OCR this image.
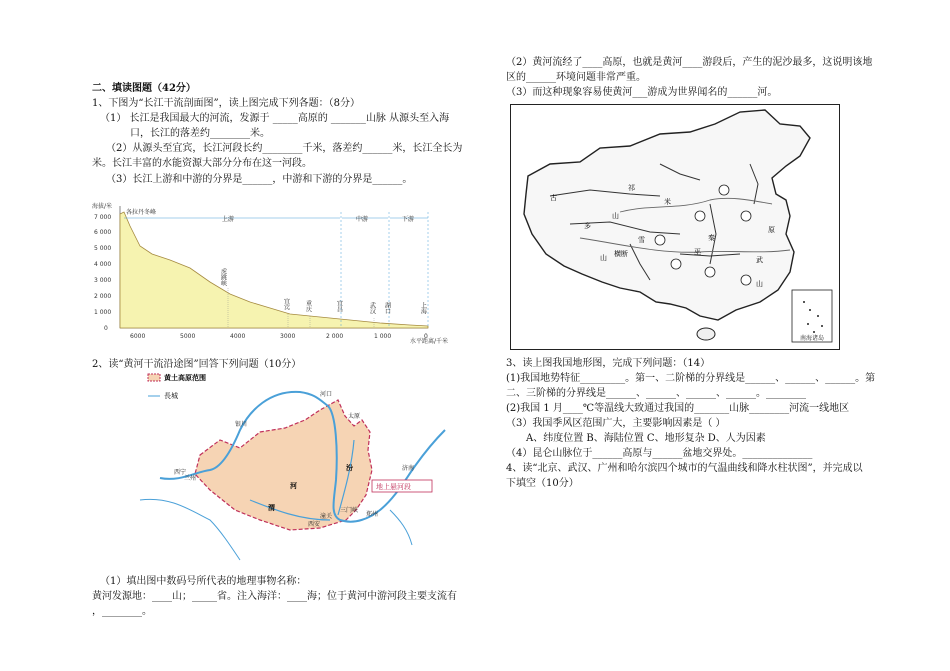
二、填读图题（42分）
1、下图为“长江干流剖面图”，读上图完成下列各题：（8分）
（1） 长江是我国最大的河流，发源于 _____高原的 _______山脉 从源头至入海
口，长江的落差约________米。
（2）从源头至宜宾，长江河段长约________千米，落差约______米，长江全长为
米。长江丰富的水能资源大部分分布在这一河段。
（3）长江上游和中游的分界是______，中游和下游的分界是______。
海拔/米
7 000
6 000
5 000
4 000
3 000
2 000
1 000
0
各拉丹冬峰
上游	中游	下游
虎跳峡
宜宾	重庆	宜昌	武汉 湖口	上海
6000	5000	4000	3000	2 000	1 000	0
水平距离/千米
2、读“黄河干流沿途图”回答下列问题（10分）
黄土高原范围
長城
地上悬河段
河口
太原
银川
兰州
西宁
潼关
西安
三门峡
郑州
济南
渭
河
汾
（1）填出图中数码号所代表的地理事物名称：
黄河发源地：____山；_____省。注入海洋：____海；位于黄河中游河段主要支流有
，________。
（2）黄河流经了____高原，也就是黄河____游段后，产生的泥沙最多，这说明该地
区的______环境问题非常严重。
（3）而这种现象容易使黄河___游成为世界闻名的______河。
祁
山
横断	巫
山
雪	秦
武
山
原
多
古	米
南海诸岛
3、读上图我国地形图，完成下列问题：（14）
(1)我国地势特征_________。第一、二阶梯的分界线是______、______、______。第
二、三阶梯的分界线是______、______、______、______。________
(2)我国 1 月____℃等温线大致通过我国的_______山脉________河流一线地区
（3）我国季风区范围广大，主要影响因素是（ ）
A、纬度位置 B、海陆位置 C、地形复杂 D、人为因素
（4）昆仑山脉位于______高原与______盆地交界处。______________
4、读“北京、武汉、广州和哈尔滨四个城市的气温曲线和降水柱状图”，并完成以
下填空（10分）
